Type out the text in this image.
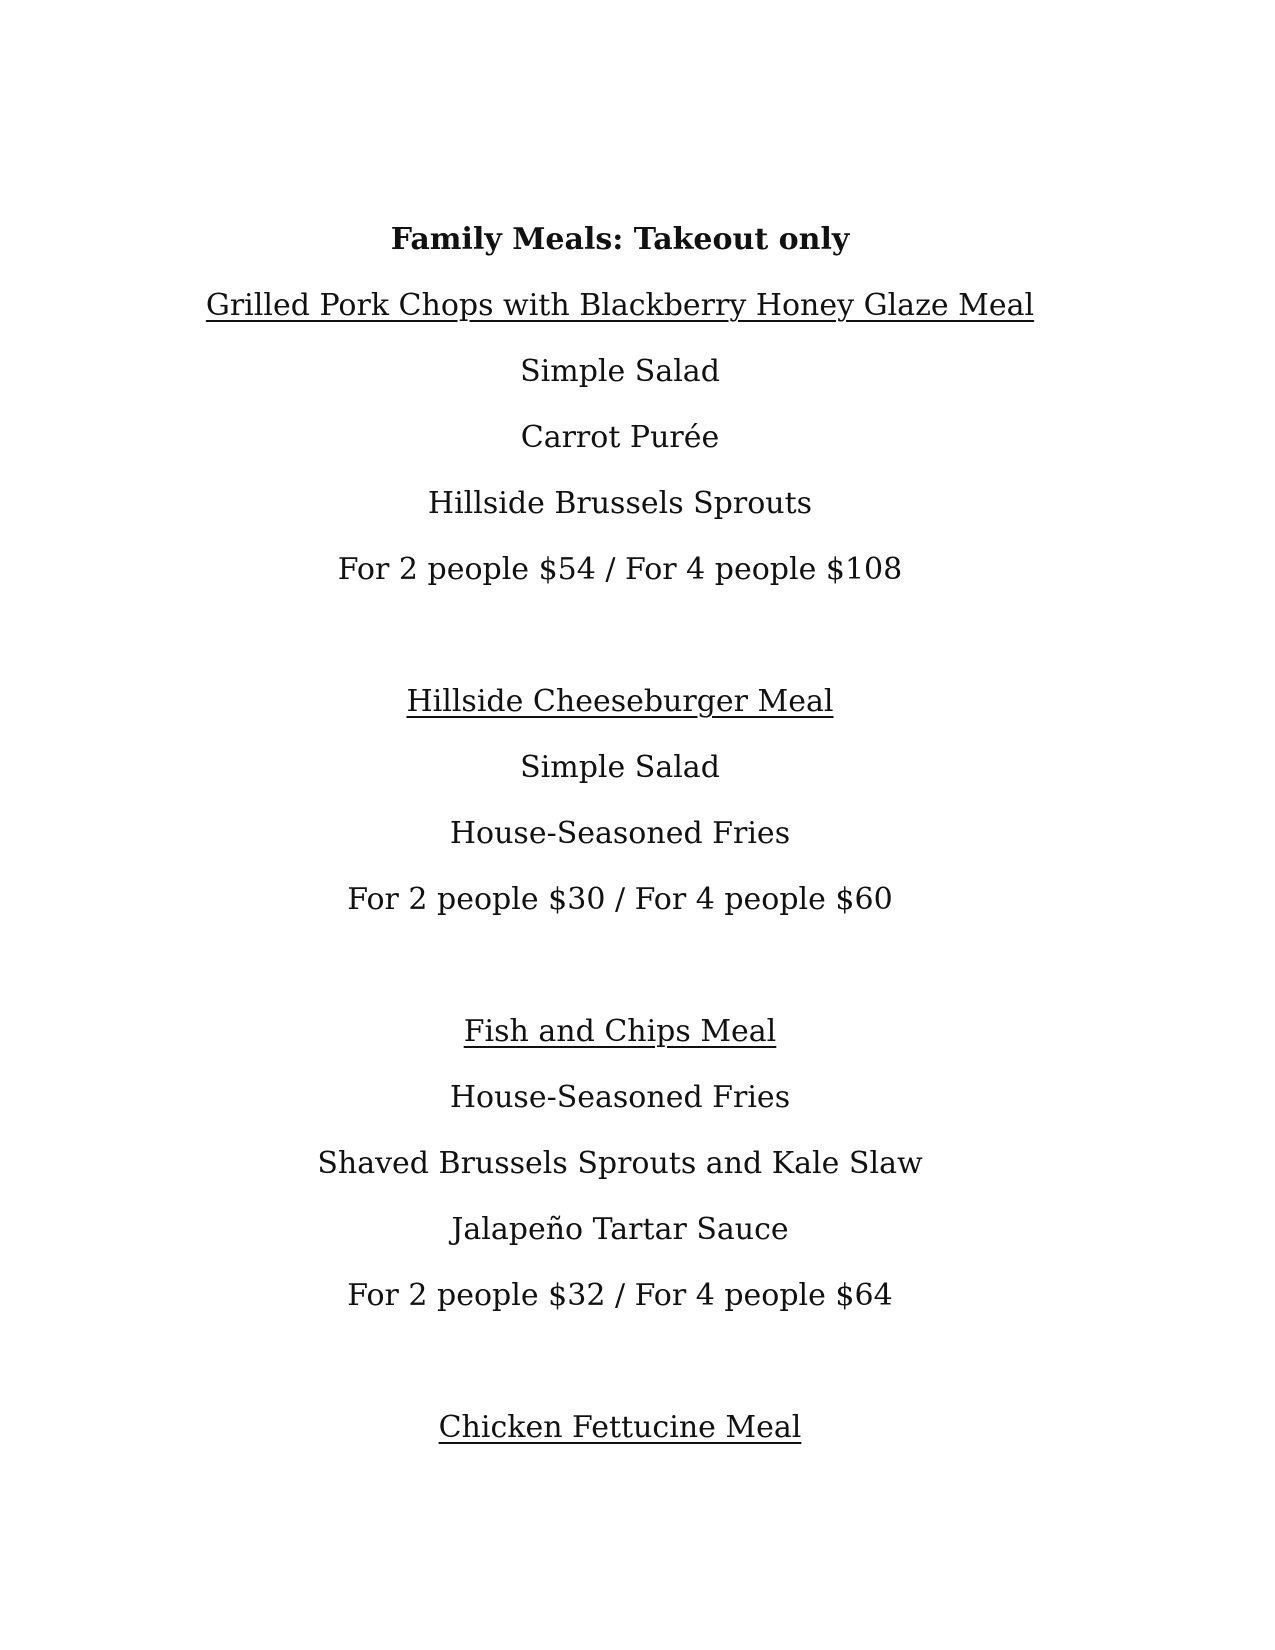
Family Meals: Takeout only
Grilled Pork Chops with Blackberry Honey Glaze Meal
Simple Salad
Carrot Purée
Hillside Brussels Sprouts
For 2 people $54 / For 4 people $108
Hillside Cheeseburger Meal
Simple Salad
House-Seasoned Fries
For 2 people $30 / For 4 people $60
Fish and Chips Meal
House-Seasoned Fries
Shaved Brussels Sprouts and Kale Slaw
Jalapeño Tartar Sauce
For 2 people $32 / For 4 people $64
Chicken Fettucine Meal
